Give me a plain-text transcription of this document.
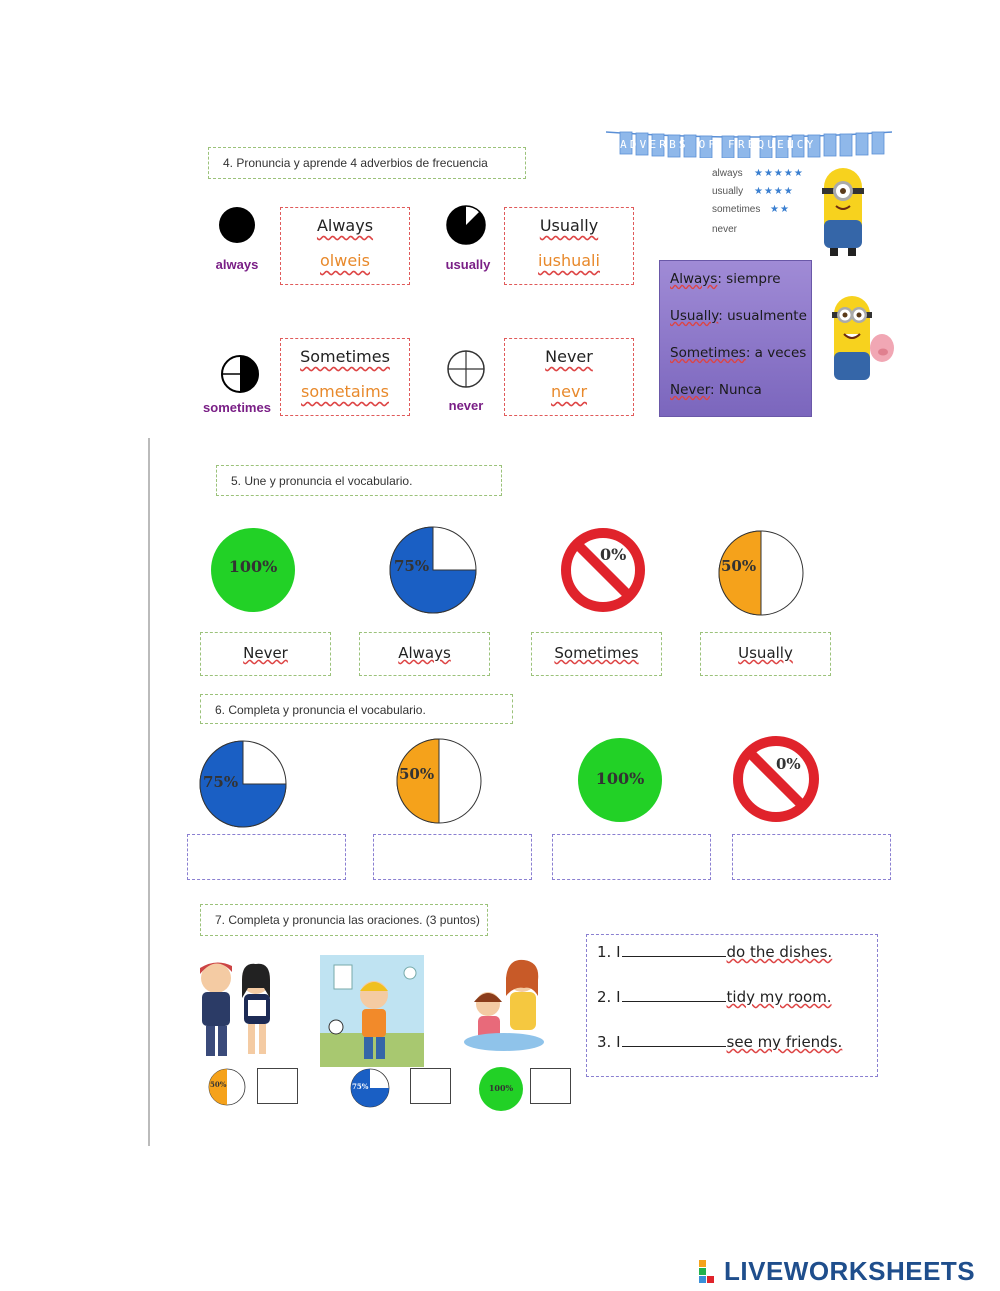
4. Pronuncia y aprende 4 adverbios de frecuencia
ADVERBS OF FREQUENCY
always ★★★★★
usually ★★★★
sometimes ★★
never
always
Always
olweis	usually
Usually
iushuali
sometimes
Sometimes
sometaims
never
Never
nevr
Always: siempre
Usually: usualmente
Sometimes: a veces
Never: Nunca
5. Une y pronuncia el vocabulario.
100%	75%
0%
50%
Never	Always	Sometimes	Usually
6. Completa y pronuncia el vocabulario.
75%	50%	100%
0%
7. Completa y pronuncia las oraciones. (3 puntos)
50%	75%	100%
1. I	do the dishes.
2. I	tidy my room.
3. I	see my friends.
LIVEWORKSHEETS
